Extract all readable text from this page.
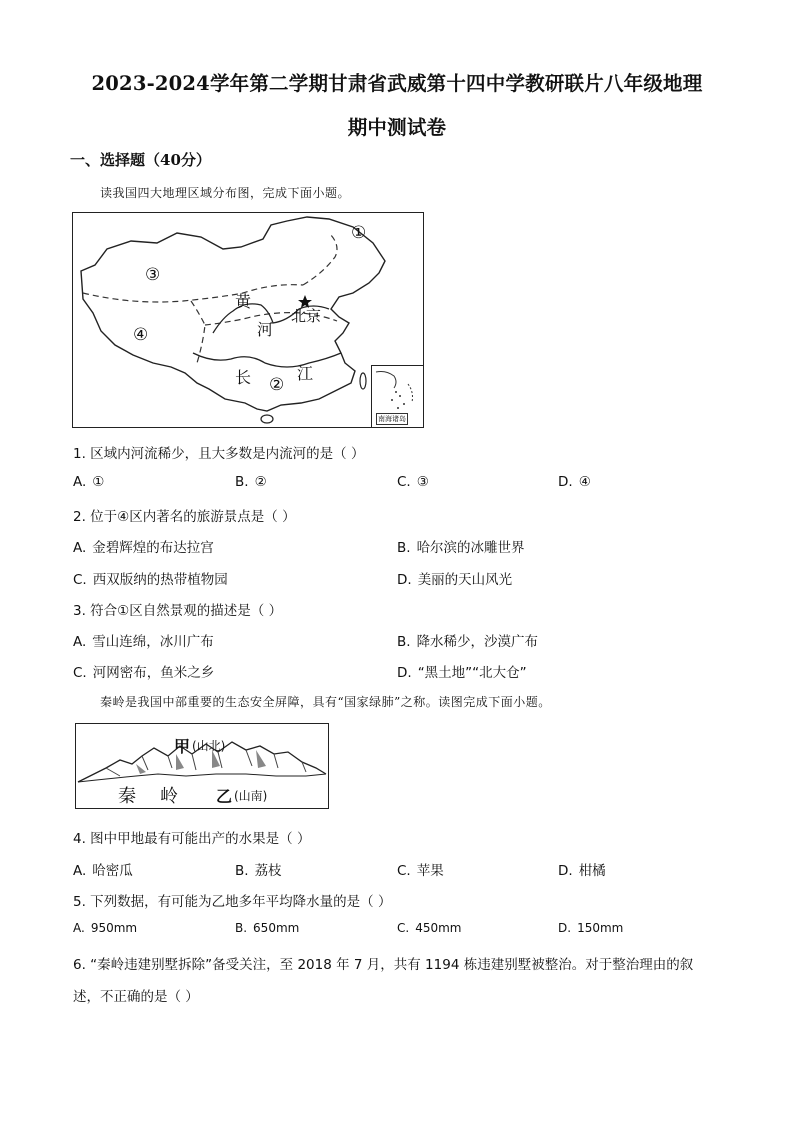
2023-2024学年第二学期甘肃省武威第十四中学教研联片八年级地理
期中测试卷
一、选择题（40分）
读我国四大地理区域分布图，完成下面小题。
①
②
③
④
黄
河
长	江
北京
南海诸岛
1. 区域内河流稀少，且大多数是内流河的是（ ）
A. ①	B. ②	C. ③	D. ④
2. 位于④区内著名的旅游景点是（ ）
A. 金碧辉煌的布达拉宫	B. 哈尔滨的冰雕世界
C. 西双版纳的热带植物园	D. 美丽的天山风光
3. 符合①区自然景观的描述是（ ）
A. 雪山连绵，冰川广布	B. 降水稀少，沙漠广布
C. 河网密布，鱼米之乡	D. “黑土地”“北大仓”
秦岭是我国中部重要的生态安全屏障，具有“国家绿肺”之称。读图完成下面小题。
甲 (山北)
秦 岭 乙 (山南)
4. 图中甲地最有可能出产的水果是（ ）
A. 哈密瓜	B. 荔枝	C. 苹果	D. 柑橘
5. 下列数据，有可能为乙地多年平均降水量的是（ ）
A. 950mm	B. 650mm	C. 450mm	D. 150mm
6. “秦岭违建别墅拆除”备受关注，至 2018 年 7 月，共有 1194 栋违建别墅被整治。对于整治理由的叙
述，不正确的是（ ）
